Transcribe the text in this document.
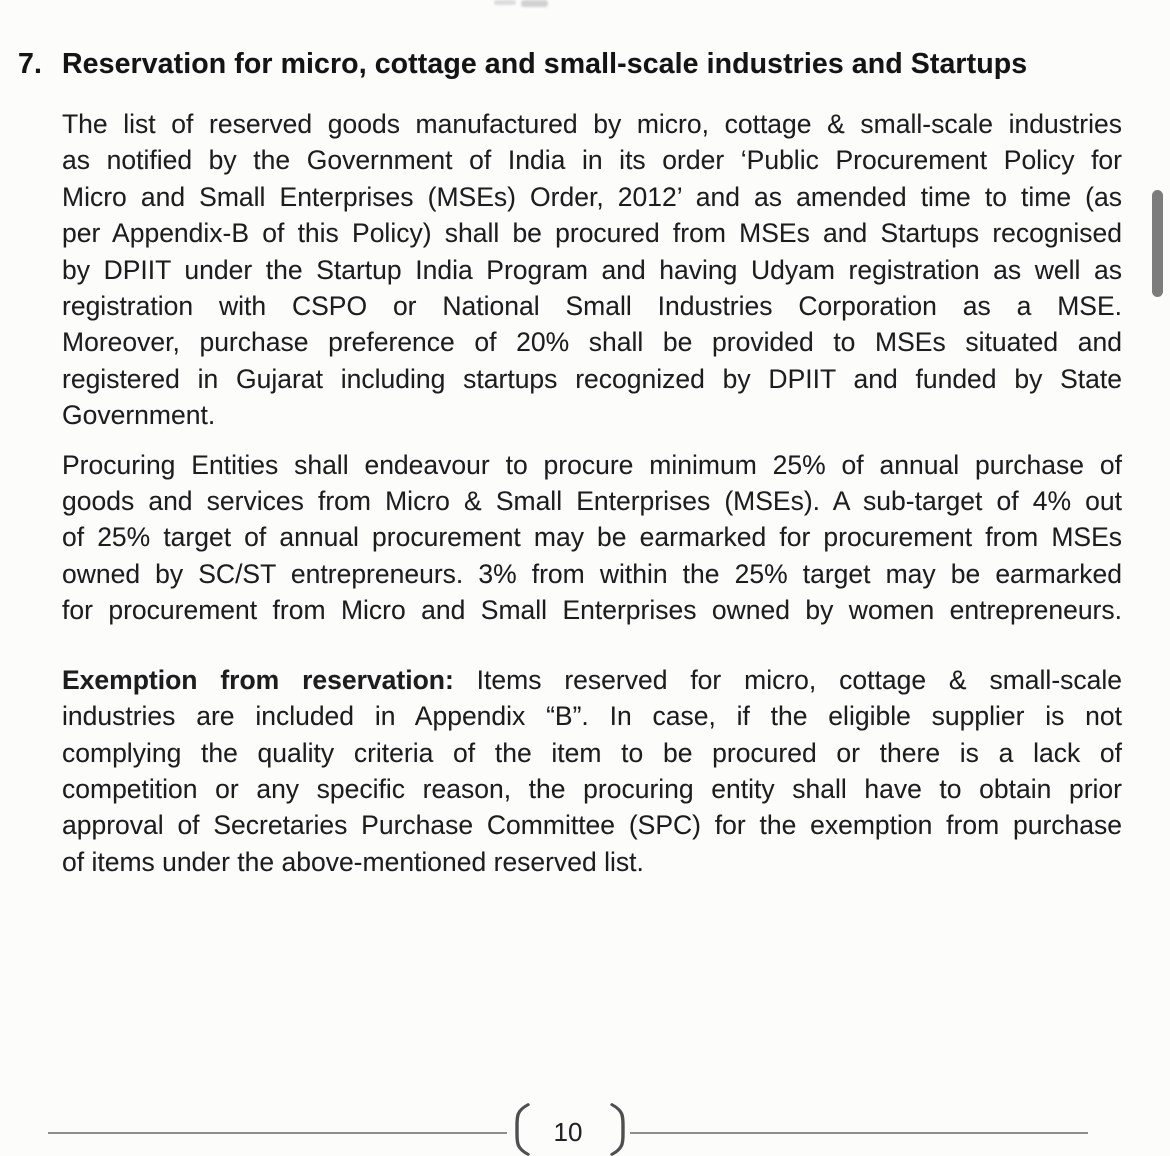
7. Reservation for micro, cottage and small-scale industries and Startups
The list of reserved goods manufactured by micro, cottage & small-scale industries
as notified by the Government of India in its order ‘Public Procurement Policy for
Micro and Small Enterprises (MSEs) Order, 2012’ and as amended time to time (as
per Appendix-B of this Policy) shall be procured from MSEs and Startups recognised
by DPIIT under the Startup India Program and having Udyam registration as well as
registration with CSPO or National Small Industries Corporation as a MSE.
Moreover, purchase preference of 20% shall be provided to MSEs situated and
registered in Gujarat including startups recognized by DPIIT and funded by State
Government.
Procuring Entities shall endeavour to procure minimum 25% of annual purchase of
goods and services from Micro & Small Enterprises (MSEs). A sub-target of 4% out
of 25% target of annual procurement may be earmarked for procurement from MSEs
owned by SC/ST entrepreneurs. 3% from within the 25% target may be earmarked
for procurement from Micro and Small Enterprises owned by women entrepreneurs.
Exemption from reservation: Items reserved for micro, cottage & small-scale
industries are included in Appendix “B”. In case, if the eligible supplier is not
complying the quality criteria of the item to be procured or there is a lack of
competition or any specific reason, the procuring entity shall have to obtain prior
approval of Secretaries Purchase Committee (SPC) for the exemption from purchase
of items under the above-mentioned reserved list.
10
